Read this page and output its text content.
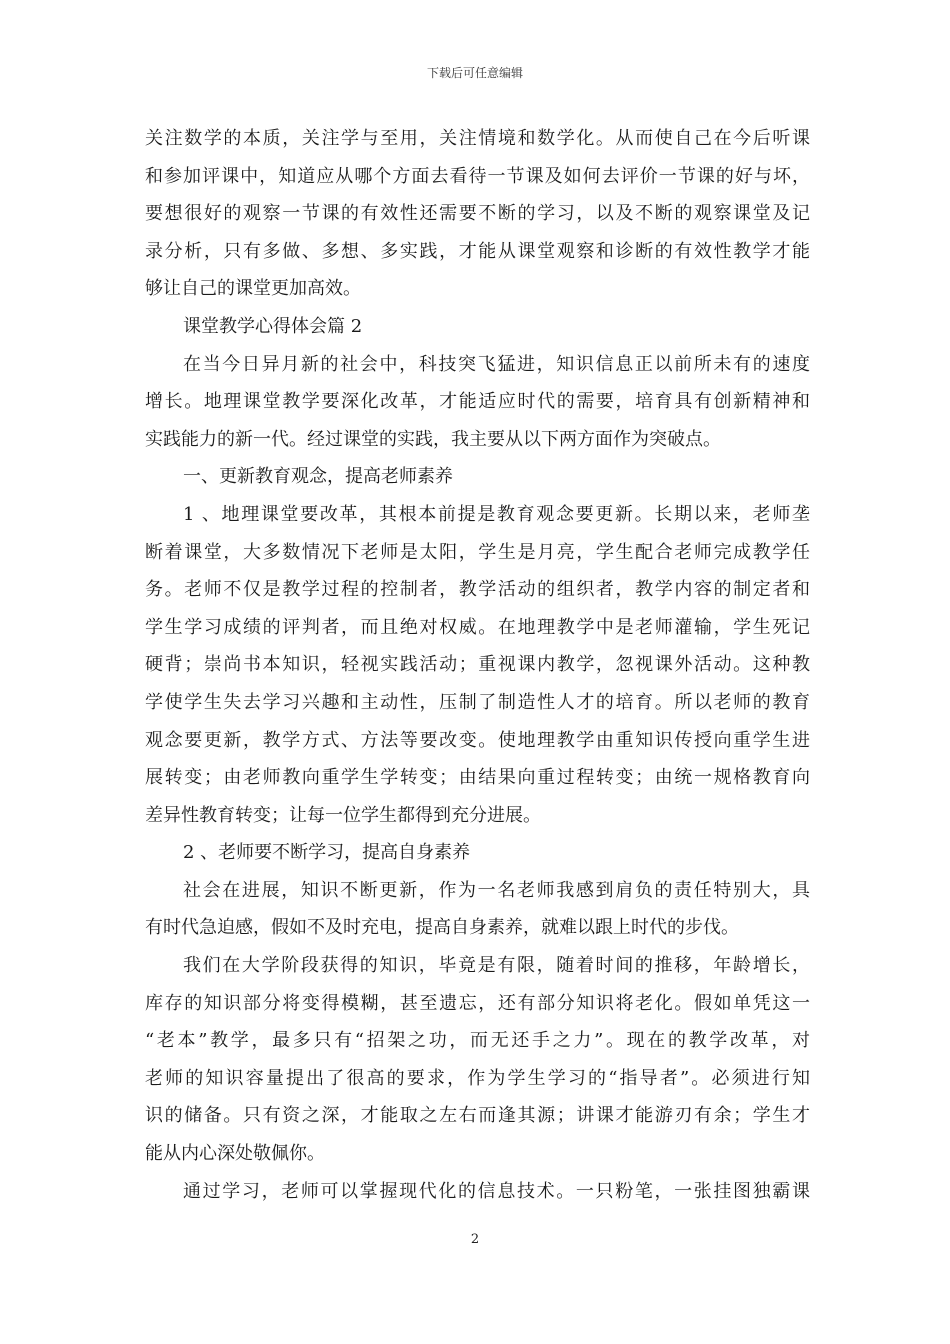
下载后可任意编辑
关注数学的本质，关注学与至用，关注情境和数学化。从而使自己在今后听课
和参加评课中，知道应从哪个方面去看待一节课及如何去评价一节课的好与坏，
要想很好的观察一节课的有效性还需要不断的学习，以及不断的观察课堂及记
录分析，只有多做、多想、多实践，才能从课堂观察和诊断的有效性教学才能
够让自己的课堂更加高效。
课堂教学心得体会篇 2
在当今日异月新的社会中，科技突飞猛进，知识信息正以前所未有的速度
增长。地理课堂教学要深化改革，才能适应时代的需要，培育具有创新精神和
实践能力的新一代。经过课堂的实践，我主要从以下两方面作为突破点。
一、更新教育观念，提高老师素养
1 、地理课堂要改革，其根本前提是教育观念要更新。长期以来，老师垄
断着课堂，大多数情况下老师是太阳，学生是月亮，学生配合老师完成教学任
务。老师不仅是教学过程的控制者，教学活动的组织者，教学内容的制定者和
学生学习成绩的评判者，而且绝对权威。在地理教学中是老师灌输，学生死记
硬背；崇尚书本知识，轻视实践活动；重视课内教学，忽视课外活动。这种教
学使学生失去学习兴趣和主动性，压制了制造性人才的培育。所以老师的教育
观念要更新，教学方式、方法等要改变。使地理教学由重知识传授向重学生进
展转变；由老师教向重学生学转变；由结果向重过程转变；由统一规格教育向
差异性教育转变；让每一位学生都得到充分进展。
2 、老师要不断学习，提高自身素养
社会在进展，知识不断更新，作为一名老师我感到肩负的责任特别大，具
有时代急迫感，假如不及时充电，提高自身素养，就难以跟上时代的步伐。
我们在大学阶段获得的知识，毕竟是有限，随着时间的推移，年龄增长，
库存的知识部分将变得模糊，甚至遗忘，还有部分知识将老化。假如单凭这一
“老本”教学，最多只有“招架之功，而无还手之力”。现在的教学改革，对
老师的知识容量提出了很高的要求，作为学生学习的“指导者”。必须进行知
识的储备。只有资之深，才能取之左右而逢其源；讲课才能游刃有余；学生才
能从内心深处敬佩你。
通过学习，老师可以掌握现代化的信息技术。一只粉笔，一张挂图独霸课
2
